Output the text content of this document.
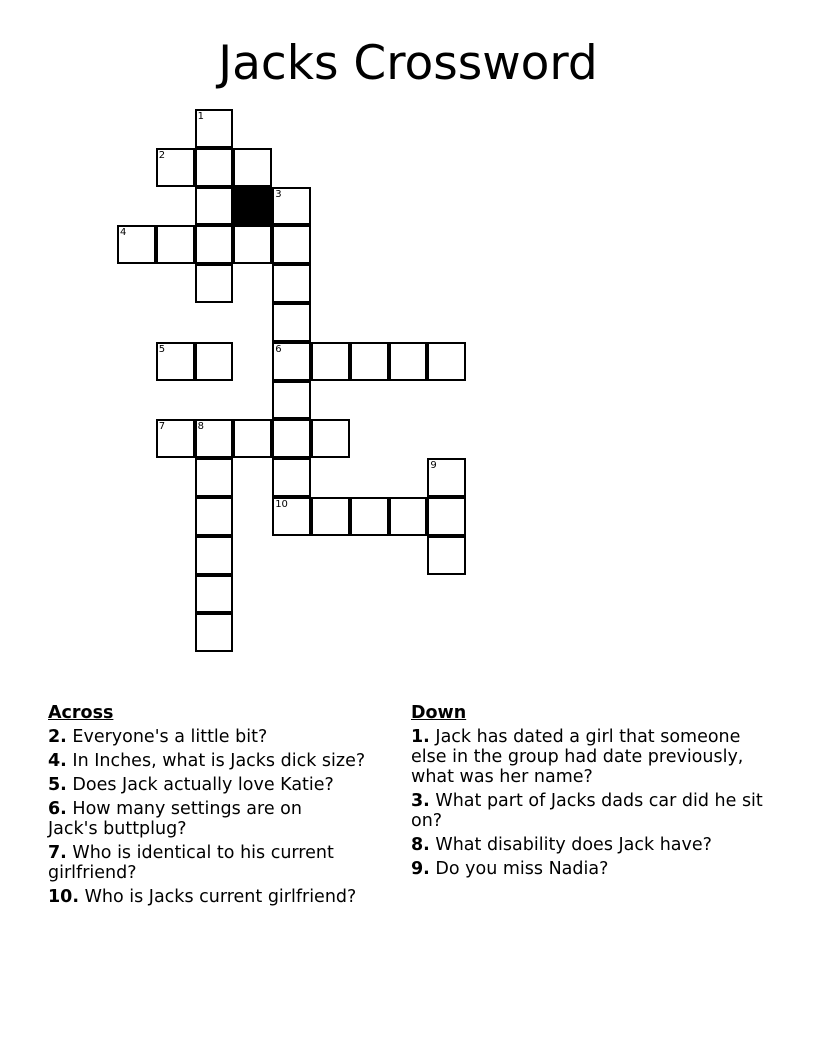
Jacks Crossword
1
2
3
6
10
4
5
7	8
9
Across
2. Everyone's a little bit?
4. In Inches, what is Jacks dick size?
5. Does Jack actually love Katie?
6. How many settings are on Jack's buttplug?
7. Who is identical to his current girlfriend?
10. Who is Jacks current girlfriend?
Down
1. Jack has dated a girl that someone else in the group had date previously, what was her name?
3. What part of Jacks dads car did he sit on?
8. What disability does Jack have?
9. Do you miss Nadia?
